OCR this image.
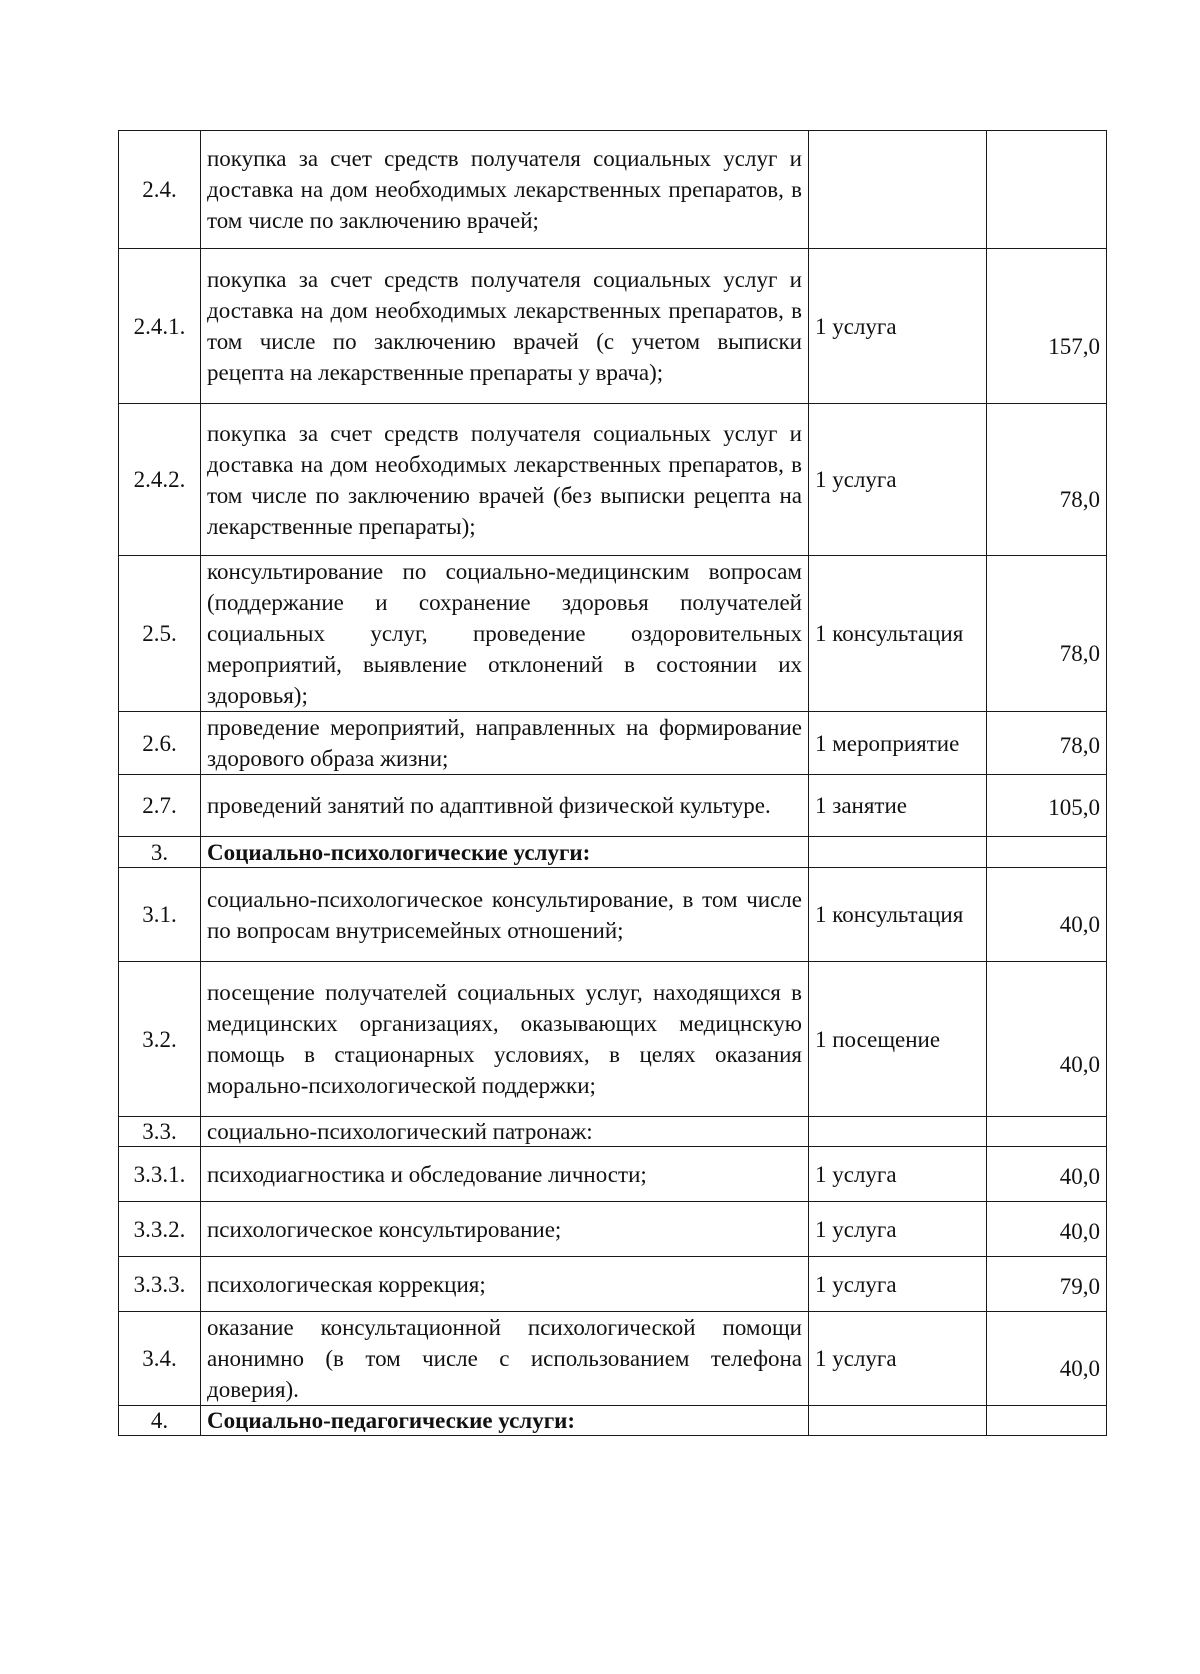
2.4.	покупка за счет средств получателя социальных услуг и доставка на дом необходимых лекарственных препаратов, в том числе по заключению врачей;		
2.4.1.	покупка за счет средств получателя социальных услуг и доставка на дом необходимых лекарственных препаратов, в том числе по заключению врачей (с учетом выписки рецепта на лекарственные препараты у врача);	1 услуга	157,0
2.4.2.	покупка за счет средств получателя социальных услуг и доставка на дом необходимых лекарственных препаратов, в том числе по заключению врачей (без выписки рецепта на лекарственные препараты);	1 услуга	78,0
2.5.	консультирование по социально-медицинским вопросам (поддержание и сохранение здоровья получателей социальных услуг, проведение оздоровительных мероприятий, выявление отклонений в состоянии их здоровья);	1 консультация	78,0
2.6.	проведение мероприятий, направленных на формирование здорового образа жизни;	1 мероприятие	78,0
2.7.	проведений занятий по адаптивной физической культуре.	1 занятие	105,0
3.	Социально-психологические услуги:		
3.1.	социально-психологическое консультирование, в том числе по вопросам внутрисемейных отношений;	1 консультация	40,0
3.2.	посещение получателей социальных услуг, находящихся в медицинских организациях, оказывающих медицнскую помощь в стационарных условиях, в целях оказания морально-психологической поддержки;	1 посещение	40,0
3.3.	социально-психологический патронаж:		
3.3.1.	психодиагностика и обследование личности;	1 услуга	40,0
3.3.2.	психологическое консультирование;	1 услуга	40,0
3.3.3.	психологическая коррекция;	1 услуга	79,0
3.4.	оказание консультационной психологической помощи анонимно (в том числе с использованием телефона доверия).	1 услуга	40,0
4.	Социально-педагогические услуги:		
